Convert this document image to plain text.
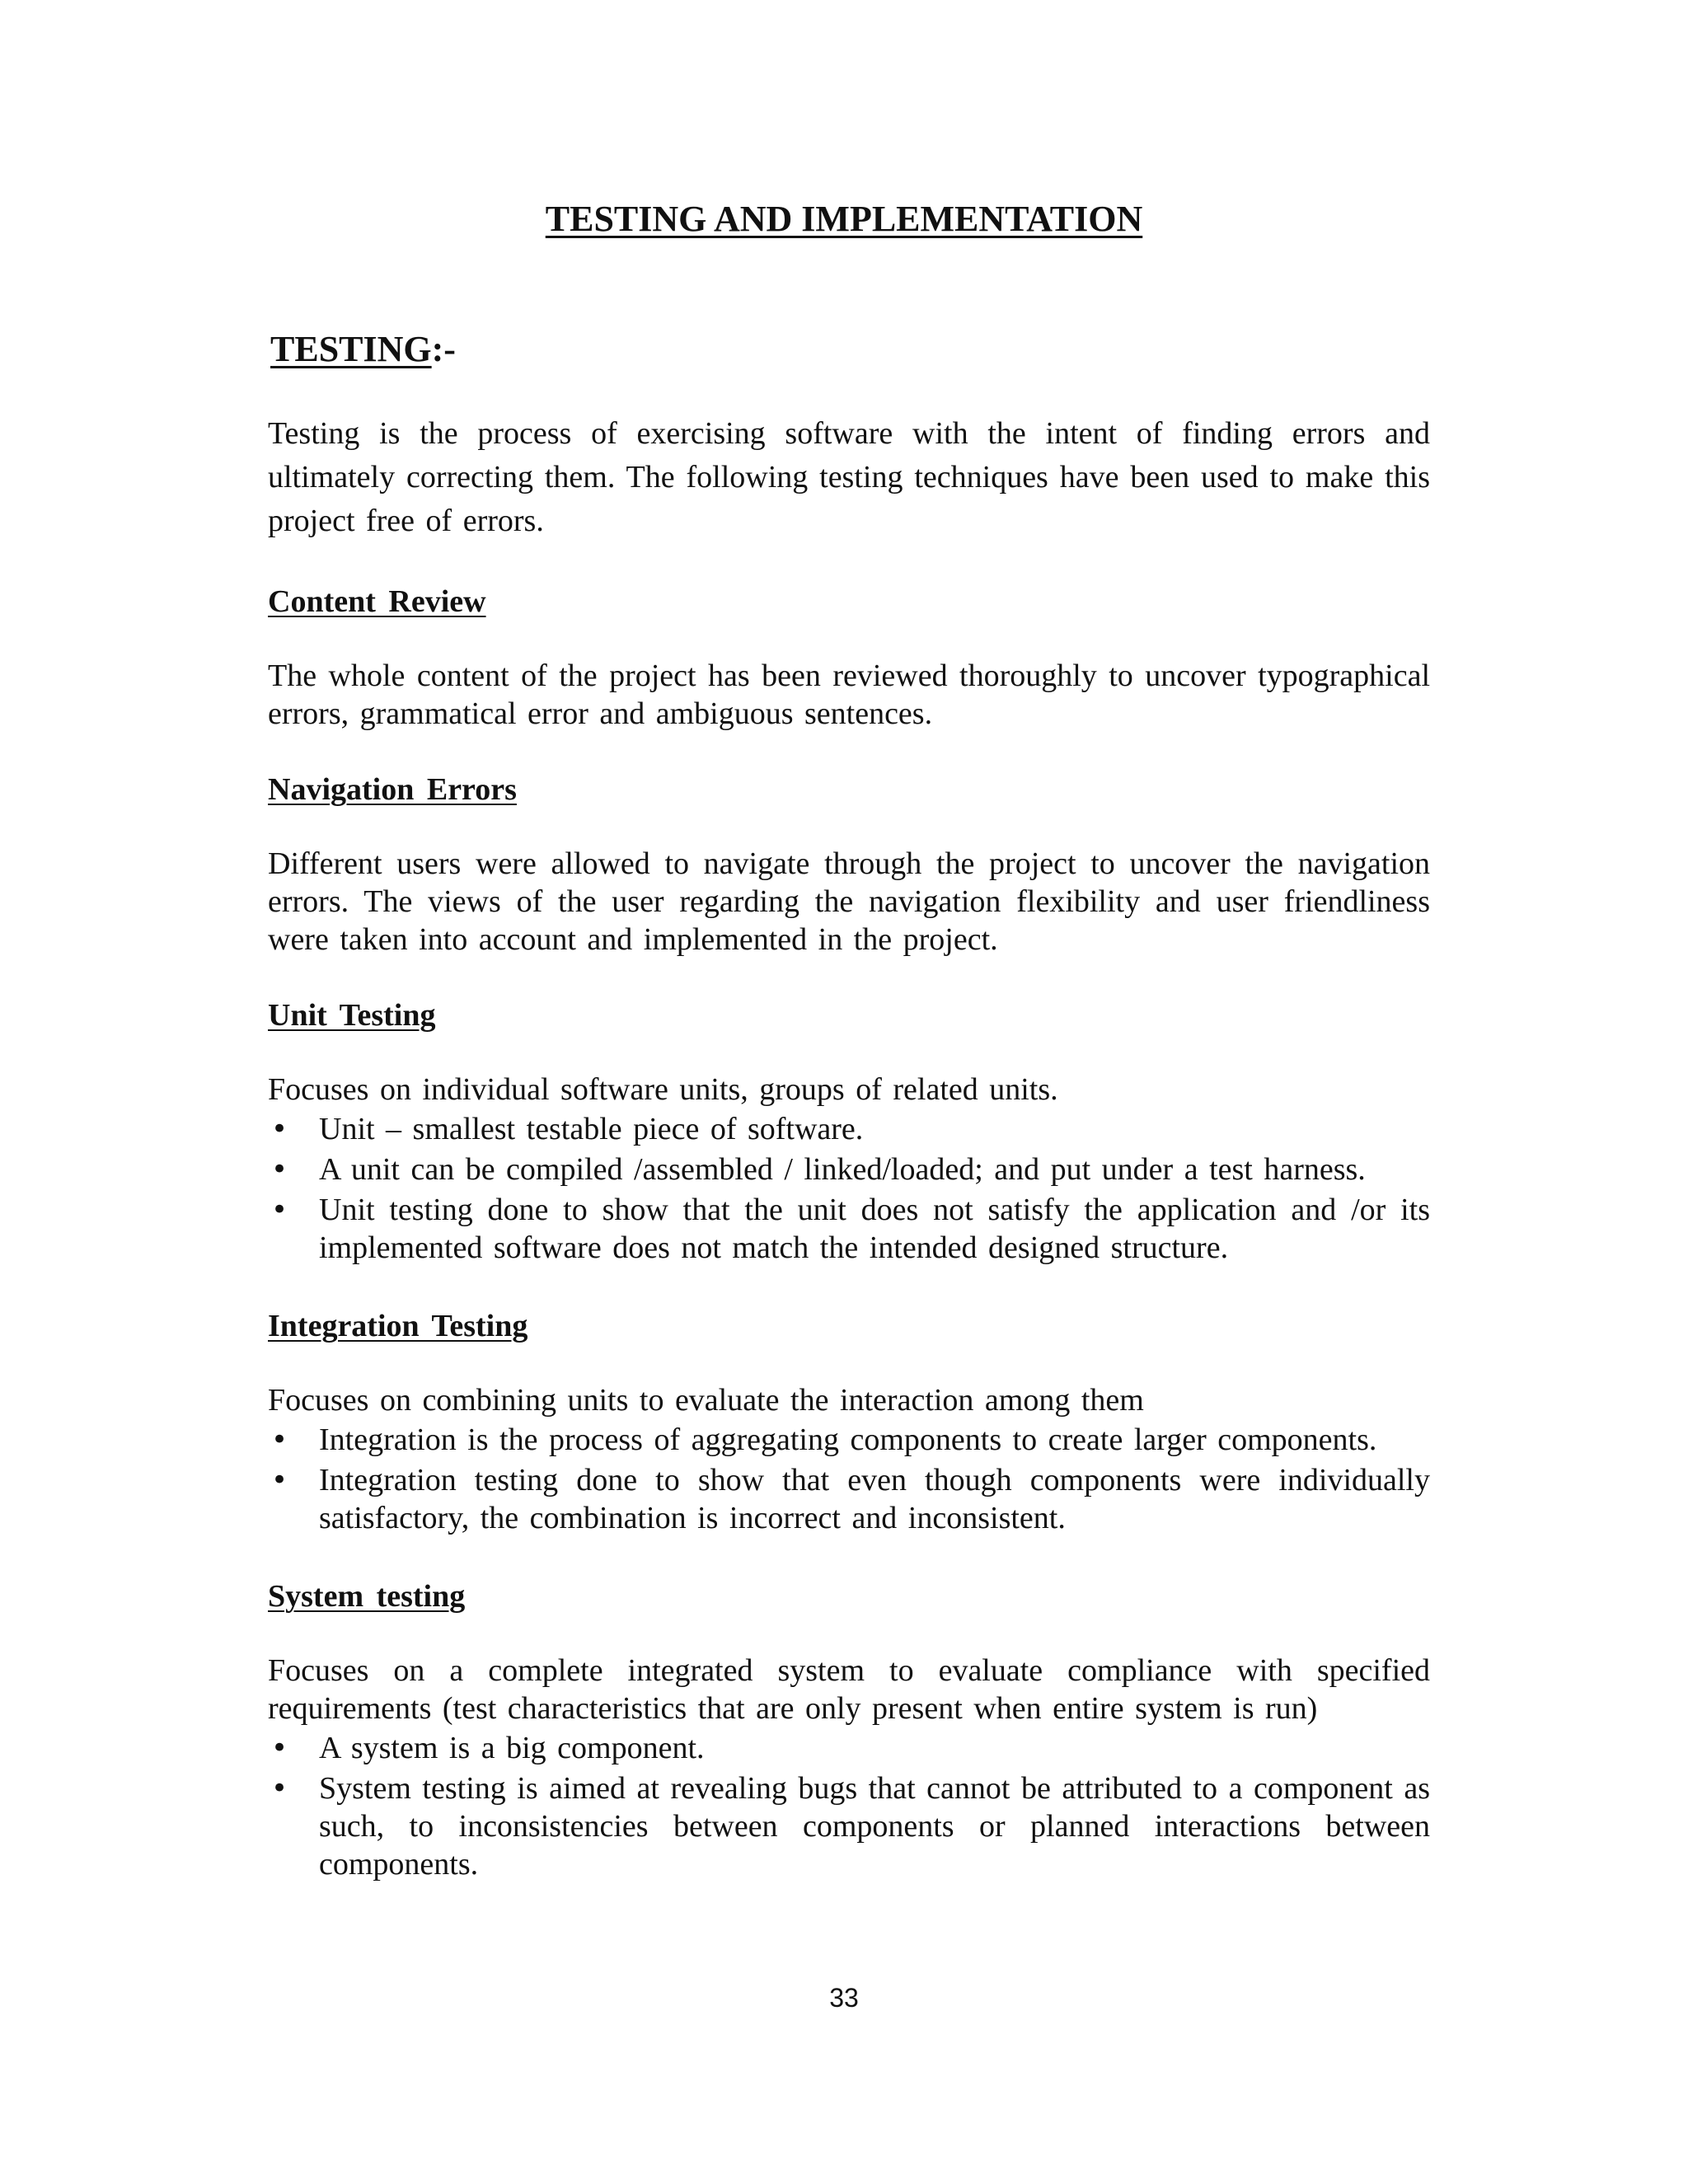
TESTING AND IMPLEMENTATION
TESTING:-

Testing is the process of exercising software with the intent of finding errors and ultimately correcting them. The following testing techniques have been used to make this project free of errors.

Content Review

The whole content of the project has been reviewed thoroughly to uncover typographical errors, grammatical error and ambiguous sentences.

Navigation Errors

Different users were allowed to navigate through the project to uncover the navigation errors. The views of the user regarding the navigation flexibility and user friendliness were taken into account and implemented in the project.

Unit Testing

Focuses on individual software units, groups of related units.

• Unit – smallest testable piece of software.
• A unit can be compiled /assembled / linked/loaded; and put under a test harness.
• Unit testing done to show that the unit does not satisfy the application and /or its implemented software does not match the intended designed structure.

Integration Testing

Focuses on combining units to evaluate the interaction among them

• Integration is the process of aggregating components to create larger components.
• Integration testing done to show that even though components were individually satisfactory, the combination is incorrect and inconsistent.

System testing

Focuses on a complete integrated system to evaluate compliance with specified requirements (test characteristics that are only present when entire system is run)

• A system is a big component.
• System testing is aimed at revealing bugs that cannot be attributed to a component as such, to inconsistencies between components or planned interactions between components.
33
